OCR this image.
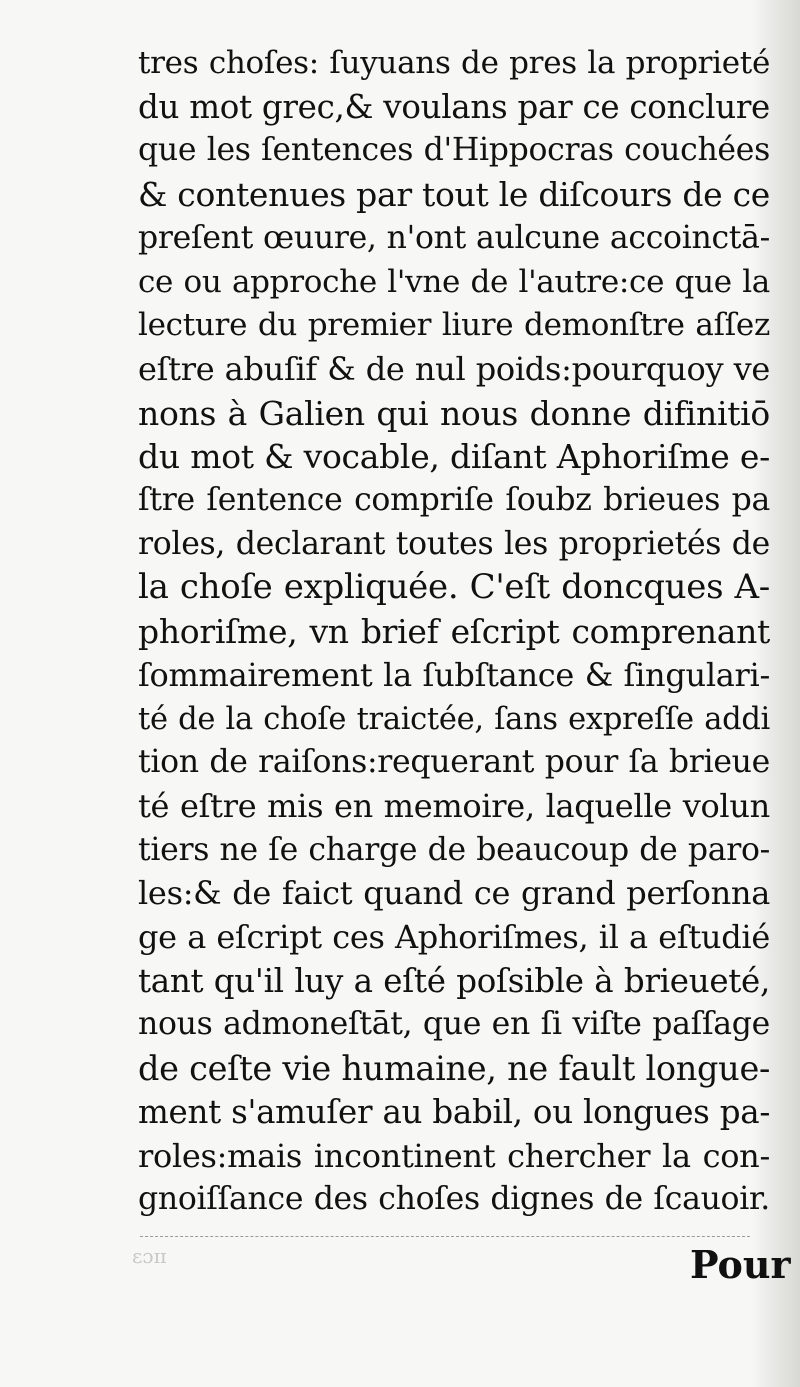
tres choſes: ſuyuans de pres la proprieté
du mot grec,& voulans par ce conclure
que les ſentences d'Hippocras couchées
& contenues par tout le diſcours de ce
preſent œuure, n'ont aulcune accoinctā-
ce ou approche l'vne de l'autre:ce que la
lecture du premier liure demonſtre aſſez
eſtre abuſif & de nul poids:pourquoy ve
nons à Galien qui nous donne difinitiō
du mot & vocable, diſant Aphoriſme e-
ſtre ſentence compriſe ſoubz brieues pa
roles, declarant toutes les proprietés de
la choſe expliquée. C'eſt doncques A-
phoriſme, vn brief eſcript comprenant
ſommairement la ſubſtance & ſingulari-
té de la choſe traictée, ſans expreſſe addi
tion de raiſons:requerant pour ſa brieue
té eſtre mis en memoire, laquelle volun
tiers ne ſe charge de beaucoup de paro-
les:& de faict quand ce grand perſonna
ge a eſcript ces Aphoriſmes, il a eſtudié
tant qu'il luy a eſté poſsible à brieueté,
nous admoneſtāt, que en ſi viſte paſſage
de ceſte vie humaine, ne fault longue-
ment s'amuſer au babil, ou longues pa-
roles:mais incontinent chercher la con-
gnoiſſance des choſes dignes de ſcauoir.
ɛɔɪɪ	Pour
